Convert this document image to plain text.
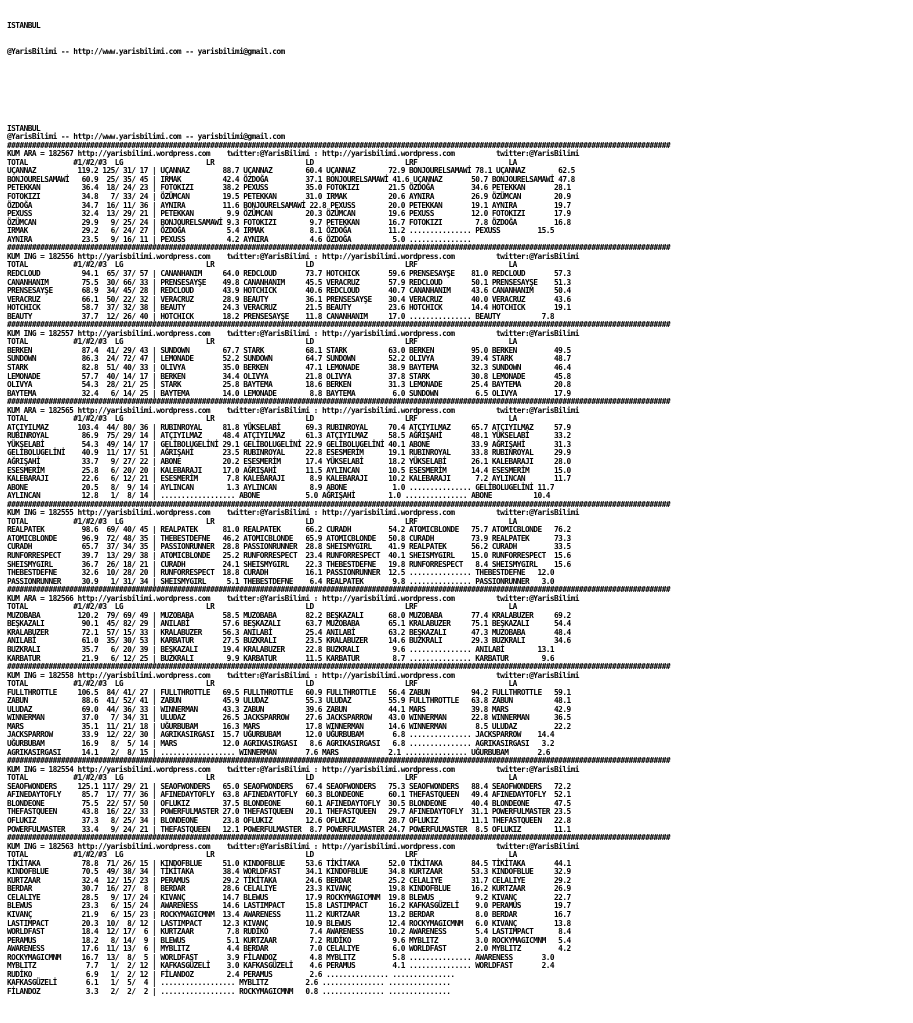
ISTANBUL

@YarisBilimi -- http://www.yarisbilimi.com -- yarisbilimi@gmail.com

ISTANBUL
@YarisBilimi -- http://www.yarisbilimi.com -- yarisbilimi@gmail.com
################################################################################################################################################################
KUM ARA = 182567 http://yarisbilimi.wordpress.com    twitter:@YarisBilimi : http://yarisbilimi.wordpress.com          twitter:@YarisBilimi
TOTAL           #1/#2/#3  LG                    LR                      LD                      LRF                      LA
UÇANNAZ          119.2 125/ 31/ 17 | UÇANNAZ        88.7 UÇANNAZ        60.4 UÇANNAZ        72.9 BONJOURELSAMAWİ 78.1 UÇANNAZ        62.5
BONJOURELSAMAWİ   60.9  25/ 35/ 45 | IRMAK          42.4 ÖZDOĞA         37.1 BONJOURELSAMAWİ 41.6 UÇANNAZ       50.7 BONJOURELSAMAWİ 47.8
PETEKKAN          36.4  18/ 24/ 23 | FOTOKIZI       38.2 PEXUSS         35.0 FOTOKIZI       21.5 ÖZDOĞA         34.6 PETEKKAN       28.1
FOTOKIZI          34.8   7/ 33/ 24 | ÖZÜMCAN        19.5 PETEKKAN       31.0 IRMAK          20.6 AYNIRA         26.9 ÖZÜMCAN        20.9
ÖZDOĞA            34.7  16/ 11/ 36 | AYNIRA         11.6 BONJOURELSAMAWİ 22.8 PEXUSS        20.0 PETEKKAN       19.1 AYNIRA         19.7
PEXUSS            32.4  13/ 29/ 21 | PETEKKAN        9.9 ÖZÜMCAN        20.3 ÖZÜMCAN        19.6 PEXUSS         12.0 FOTOKIZI       17.9
ÖZÜMCAN           29.9   9/ 25/ 24 | BONJOURELSAMAWİ 9.3 FOTOKIZI        9.7 PETEKKAN       16.7 FOTOKIZI        7.8 ÖZDOĞA         16.8
IRMAK             29.2   6/ 24/ 27 | ÖZDOĞA          5.4 IRMAK           8.1 ÖZDOĞA         11.2 ............... PEXUSS         15.5
AYNIRA            23.5   9/ 16/ 11 | PEXUSS          4.2 AYNIRA          4.6 ÖZDOĞA          5.0 ...............
################################################################################################################################################################
KUM ING = 182556 http://yarisbilimi.wordpress.com    twitter:@YarisBilimi : http://yarisbilimi.wordpress.com          twitter:@YarisBilimi
TOTAL           #1/#2/#3  LG                    LR                      LD                      LRF                      LA
REDCLOUD          94.1  65/ 37/ 57 | CANANHANIM     64.0 REDCLOUD       73.7 HOTCHICK       59.6 PRENSESAYŞE    81.0 REDCLOUD       57.3
CANANHANIM        75.5  30/ 66/ 33 | PRENSESAYŞE    49.8 CANANHANIM     45.5 VERACRUZ       57.9 REDCLOUD       50.1 PRENSESAYŞE    51.3
PRENSESAYŞE       68.9  34/ 45/ 28 | REDCLOUD       43.9 HOTCHICK       40.6 REDCLOUD       40.7 CANANHANIM     43.6 CANANHANIM     50.4
VERACRUZ          66.1  50/ 22/ 32 | VERACRUZ       28.9 BEAUTY         36.1 PRENSESAYŞE    30.4 VERACRUZ       40.0 VERACRUZ       43.6
HOTCHICK          58.7  37/ 32/ 38 | BEAUTY         24.3 VERACRUZ       21.5 BEAUTY         23.6 HOTCHICK       14.4 HOTCHICK       19.1
BEAUTY            37.7  12/ 26/ 40 | HOTCHICK       18.2 PRENSESAYŞE    11.8 CANANHANIM     17.0 ............... BEAUTY          7.8
################################################################################################################################################################
KUM ING = 182557 http://yarisbilimi.wordpress.com    twitter:@YarisBilimi : http://yarisbilimi.wordpress.com          twitter:@YarisBilimi
TOTAL           #1/#2/#3  LG                    LR                      LD                      LRF                      LA
BERKEN            87.4  41/ 29/ 43 | SUNDOWN        67.7 STARK          68.1 STARK          63.0 BERKEN         95.0 BERKEN         49.5
SUNDOWN           86.3  24/ 72/ 47 | LEMONADE       52.2 SUNDOWN        64.7 SUNDOWN        52.2 OLIVYA         39.4 STARK          48.7
STARK             82.8  51/ 40/ 33 | OLIVYA         35.0 BERKEN         47.1 LEMONADE       38.9 BAYTEMA        32.3 SUNDOWN        46.4
LEMONADE          57.7  40/ 14/ 17 | BERKEN         34.4 OLIVYA         21.8 OLIVYA         37.8 STARK          30.8 LEMONADE       45.8
OLIVYA            54.3  28/ 21/ 25 | STARK          25.8 BAYTEMA        18.6 BERKEN         31.3 LEMONADE       25.4 BAYTEMA        20.8
BAYTEMA           32.4   6/ 14/ 25 | BAYTEMA        14.0 LEMONADE        8.8 BAYTEMA         6.0 SUNDOWN         6.5 OLIVYA         17.9
################################################################################################################################################################
KUM ARA = 182565 http://yarisbilimi.wordpress.com    twitter:@YarisBilimi : http://yarisbilimi.wordpress.com          twitter:@YarisBilimi
TOTAL           #1/#2/#3  LG                    LR                      LD                      LRF                      LA
ATÇIYILMAZ       103.4  44/ 80/ 36 | RUBINROYAL     81.8 YÜKSELABİ      69.3 RUBINROYAL     70.4 ATÇIYILMAZ     65.7 ATÇIYILMAZ     57.9
RUBINROYAL        86.9  75/ 29/ 14 | ATÇIYILMAZ     48.4 ATÇIYILMAZ     61.3 ATÇIYILMAZ     58.5 AĞRIŞAHİ       48.1 YÜKSELABİ      33.2
YÜKSELABİ         54.3  49/ 14/ 17 | GELİBOLUGELİNİ 29.1 GELİBOLUGELİNİ 22.9 GELİBOLUGELİNİ 40.1 ABONE          33.9 AĞRIŞAHİ       31.3
GELİBOLUGELİNİ    40.9  11/ 17/ 51 | AĞRIŞAHİ       23.5 RUBINROYAL     22.8 ESESMERİM      19.1 RUBINROYAL     33.8 RUBINROYAL     29.9
AĞRIŞAHİ          33.7   9/ 27/ 22 | ABONE          20.2 ESESMERİM      17.4 YÜKSELABİ      18.2 YÜKSELABİ      26.1 KALEBARAJI     28.0
ESESMERİM         25.8   6/ 20/ 20 | KALEBARAJI     17.0 AĞRIŞAHİ       11.5 AYLINCAN       10.5 ESESMERİM      14.4 ESESMERİM      15.0
KALEBARAJI        22.6   6/ 12/ 21 | ESESMERİM       7.8 KALEBARAJI      8.9 KALEBARAJI     10.2 KALEBARAJI      7.2 AYLINCAN       11.7
ABONE             20.5   8/  9/ 14 | AYLINCAN        1.3 AYLINCAN        8.9 ABONE           1.0 ............... GELİBOLUGELİNİ 11.7
AYLINCAN          12.8   1/  8/ 14 | .................. ABONE           5.0 AĞRIŞAHİ        1.0 ............... ABONE          10.4
################################################################################################################################################################
KUM ING = 182555 http://yarisbilimi.wordpress.com    twitter:@YarisBilimi : http://yarisbilimi.wordpress.com          twitter:@YarisBilimi
TOTAL           #1/#2/#3  LG                    LR                      LD                      LRF                      LA
REALPATEK         98.6  69/ 40/ 45 | REALPATEK      81.0 REALPATEK      66.2 CURADH         54.2 ATOMICBLONDE   75.7 ATOMICBLONDE   76.2
ATOMICBLONDE      96.9  72/ 48/ 35 | THEBESTDEFNE   46.2 ATOMICBLONDE   65.9 ATOMICBLONDE   50.8 CURADH         73.9 REALPATEK      73.3
CURADH            65.7  37/ 34/ 35 | PASSIONRUNNER  28.8 PASSIONRUNNER  28.8 SHEISMYGIRL    41.9 REALPATEK      56.2 CURADH         33.5
RUNFORRESPECT     39.7  13/ 29/ 38 | ATOMICBLONDE   25.2 RUNFORRESPECT  23.4 RUNFORRESPECT  40.1 SHEISMYGIRL    15.0 RUNFORRESPECT  15.6
SHEISMYGIRL       36.7  26/ 18/ 21 | CURADH         24.1 SHEISMYGIRL    22.3 THEBESTDEFNE   19.8 RUNFORRESPECT   8.4 SHEISMYGIRL    15.6
THEBESTDEFNE      32.6  10/ 28/ 20 | RUNFORRESPECT  18.8 CURADH         16.1 PASSIONRUNNER  12.5 ............... THEBESTDEFNE   12.0
PASSIONRUNNER     30.9   1/ 31/ 34 | SHEISMYGIRL     5.1 THEBESTDEFNE    6.4 REALPATEK       9.8 ............... PASSIONRUNNER   3.0
################################################################################################################################################################
KUM ARA = 182566 http://yarisbilimi.wordpress.com    twitter:@YarisBilimi : http://yarisbilimi.wordpress.com          twitter:@YarisBilimi
TOTAL           #1/#2/#3  LG                    LR                      LD                      LRF                      LA
MUZOBABA         120.2  79/ 69/ 49 | MUZOBABA       58.5 MUZOBABA       82.2 BEŞKAZALI      68.0 MUZOBABA       77.4 KRALABUZER     69.2
BEŞKAZALI         90.1  45/ 82/ 29 | ANILABİ        57.6 BEŞKAZALI      63.7 MUZOBABA       65.1 KRALABUZER     75.1 BEŞKAZALI      54.4
KRALABUZER        72.1  57/ 15/ 33 | KRALABUZER     56.3 ANILABİ        25.4 ANILABİ        63.2 BEŞKAZALI      47.3 MUZOBABA       48.4
ANILABİ           61.0  35/ 30/ 53 | KARBATUR       27.5 BUZKRALI       23.5 KRALABUZER     14.6 BUZKRALI       29.3 BUZKRALI       34.6
BUZKRALI          35.7   6/ 20/ 39 | BEŞKAZALI      19.4 KRALABUZER     22.8 BUZKRALI        9.6 ............... ANILABİ        13.1
KARBATUR          21.9   6/ 12/ 25 | BUZKRALI        9.9 KARBATUR       11.5 KARBATUR        8.7 ............... KARBATUR        9.6
################################################################################################################################################################
KUM ING = 182558 http://yarisbilimi.wordpress.com    twitter:@YarisBilimi : http://yarisbilimi.wordpress.com          twitter:@YarisBilimi
TOTAL           #1/#2/#3  LG                    LR                      LD                      LRF                      LA
FULLTHROTTLE     106.5  84/ 41/ 27 | FULLTHROTTLE   69.5 FULLTHROTTLE   60.9 FULLTHROTTLE   56.4 ZABUN          94.2 FULLTHROTTLE   59.1
ZABUN             88.6  41/ 52/ 41 | ZABUN          45.9 ULUDAZ         55.3 ULUDAZ         55.9 FULLTHROTTLE   63.8 ZABUN          48.1
ULUDAZ            69.0  44/ 36/ 33 | WINNERMAN      43.3 ZABUN          39.6 ZABUN          44.1 MARS           39.8 MARS           42.9
WINNERMAN         37.0   7/ 34/ 31 | ULUDAZ         26.5 JACKSPARROW    27.6 JACKSPARROW    43.0 WINNERMAN      22.8 WINNERMAN      36.5
MARS              35.1  11/ 21/ 18 | UĞURBUBAM      16.3 MARS           17.8 WINNERMAN      14.6 WINNERMAN       8.5 ULUDAZ         22.2
JACKSPARROW       33.9  12/ 22/ 30 | AGRIKASIRGASI  15.7 UĞURBUBAM      12.0 UĞURBUBAM       6.8 ............... JACKSPARROW    14.4
UĞURBUBAM         16.9   8/  5/ 14 | MARS           12.0 AGRIKASIRGASI   8.6 AGRIKASIRGASI   6.8 ............... AGRIKASIRGASI   3.2
AGRIKASIRGASI     14.1   2/  8/ 15 | .................. WINNERMAN       7.6 MARS            2.1 ............... UĞURBUBAM       2.6
################################################################################################################################################################
KUM ING = 182554 http://yarisbilimi.wordpress.com    twitter:@YarisBilimi : http://yarisbilimi.wordpress.com          twitter:@YarisBilimi
TOTAL           #1/#2/#3  LG                    LR                      LD                      LRF                      LA
SEAOFWONDERS     125.1 117/ 29/ 21 | SEAOFWONDERS   65.0 SEAOFWONDERS   67.4 SEAOFWONDERS   75.3 SEAOFWONDERS   88.4 SEAOFWONDERS   72.2
AFINEDAYTOFLY     85.7  17/ 77/ 36 | AFINEDAYTOFLY  63.8 AFINEDAYTOFLY  60.3 BLONDEONE      60.1 THEFASTQUEEN   49.4 AFINEDAYTOFLY  52.1
BLONDEONE         75.5  22/ 57/ 50 | OFLUKIZ        37.5 BLONDEONE      60.1 AFINEDAYTOFLY  30.5 BLONDEONE      40.4 BLONDEONE      47.5
THEFASTQUEEN      43.8  16/ 22/ 33 | POWERFULMASTER 27.0 THEFASTQUEEN   20.1 THEFASTQUEEN   29.7 AFINEDAYTOFLY  31.1 POWERFULMASTER 23.5
OFLUKIZ           37.3   8/ 25/ 34 | BLONDEONE      23.8 OFLUKIZ        12.6 OFLUKIZ        28.7 OFLUKIZ        11.1 THEFASTQUEEN   22.8
POWERFULMASTER    33.4   9/ 24/ 21 | THEFASTQUEEN   12.1 POWERFULMASTER  8.7 POWERFULMASTER 24.7 POWERFULMASTER  8.5 OFLUKIZ        11.1
################################################################################################################################################################
KUM ING = 182563 http://yarisbilimi.wordpress.com    twitter:@YarisBilimi : http://yarisbilimi.wordpress.com          twitter:@YarisBilimi
TOTAL           #1/#2/#3  LG                    LR                      LD                      LRF                      LA
TİKİTAKA          78.8  71/ 26/ 15 | KINDOFBLUE     51.0 KINDOFBLUE     53.6 TİKİTAKA       52.0 TİKİTAKA       84.5 TİKİTAKA       44.1
KINDOFBLUE        70.5  49/ 38/ 34 | TİKİTAKA       38.4 WORLDFAST      34.1 KINDOFBLUE     34.8 KURTZAAR       53.3 KINDOFBLUE     32.9
KURTZAAR          32.4  12/ 15/ 23 | PERAMUS        29.2 TİKİTAKA       24.6 BERDAR         25.2 CELALIYE       31.7 CELALIYE       29.2
BERDAR            30.7  16/ 27/  8 | BERDAR         28.6 CELALIYE       23.3 KIVANÇ         19.8 KINDOFBLUE     16.2 KURTZAAR       26.9
CELALIYE          28.5   9/ 17/ 24 | KIVANÇ         14.7 BLEWUS         17.9 ROCKYMAGICMNM  19.8 BLEWUS          9.2 KIVANÇ         22.7
BLEWUS            23.3   6/ 15/ 24 | AWARENESS      14.6 LASTIMPACT     15.8 LASTIMPACT     16.2 KAFKASGÜZELİ    9.0 PERAMUS        19.7
KIVANÇ            21.9   6/ 15/ 23 | ROCKYMAGICMNM  13.4 AWARENESS      11.2 KURTZAAR       13.2 BERDAR          8.0 BERDAR         16.7
LASTIMPACT        20.3  10/  8/ 12 | LASTIMPACT     12.3 KIVANÇ         10.9 BLEWUS         12.4 ROCKYMAGICMNM   6.0 KIVANÇ         13.8
WORLDFAST         18.4  12/ 17/  6 | KURTZAAR        7.8 RUDİKO          7.4 AWARENESS      10.2 AWARENESS       5.4 LASTIMPACT      8.4
PERAMUS           18.2   8/ 14/  9 | BLEWUS          5.1 KURTZAAR        7.2 RUDİKO          9.6 MYBLITZ         3.0 ROCKYMAGICMNM   5.4
AWARENESS         17.6  11/ 13/  6 | MYBLITZ         4.4 BERDAR          7.0 CELALIYE        6.0 WORLDFAST       2.0 MYBLITZ         4.2
ROCKYMAGICMNM     16.7  13/  8/  5 | WORLDFAST       3.9 FİLANDOZ        4.8 MYBLITZ         5.8 ............... AWARENESS       3.0
MYBLITZ            7.7   1/  2/ 12 | KAFKASGÜZELİ    3.0 KAFKASGÜZELİ    4.6 PERAMUS         4.1 ............... WORLDFAST       2.4
RUDİKO             6.9   1/  2/ 12 | FİLANDOZ        2.4 PERAMUS         2.6 ............... ...............
KAFKASGÜZELİ       6.1   1/  5/  4 | .................. MYBLITZ         2.6 ............... ...............
FİLANDOZ           3.3   2/  2/  2 | .................. ROCKYMAGICMNM   0.8 ............... ...............
